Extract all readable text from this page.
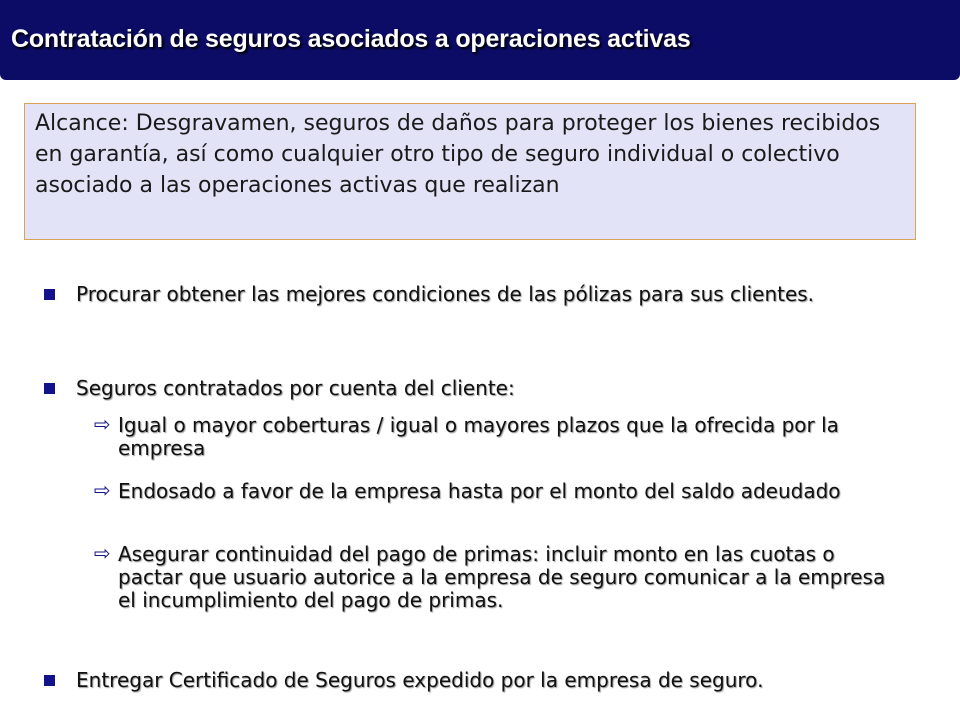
Contratación de seguros asociados a operaciones activas

Alcance: Desgravamen, seguros de daños para proteger los bienes recibidos en garantía, así como cualquier otro tipo de seguro individual o colectivo asociado a las operaciones activas que realizan

Procurar obtener las mejores condiciones de las pólizas para sus clientes.
Seguros contratados por cuenta del cliente:
⇨ Igual o mayor coberturas / igual o mayores plazos que la ofrecida por la empresa
⇨ Endosado a favor de la empresa hasta por el monto del saldo adeudado
⇨ Asegurar continuidad del pago de primas: incluir monto en las cuotas o pactar que usuario autorice a la empresa de seguro comunicar a la empresa el incumplimiento del pago de primas.
Entregar Certificado de Seguros expedido por la empresa de seguro.
